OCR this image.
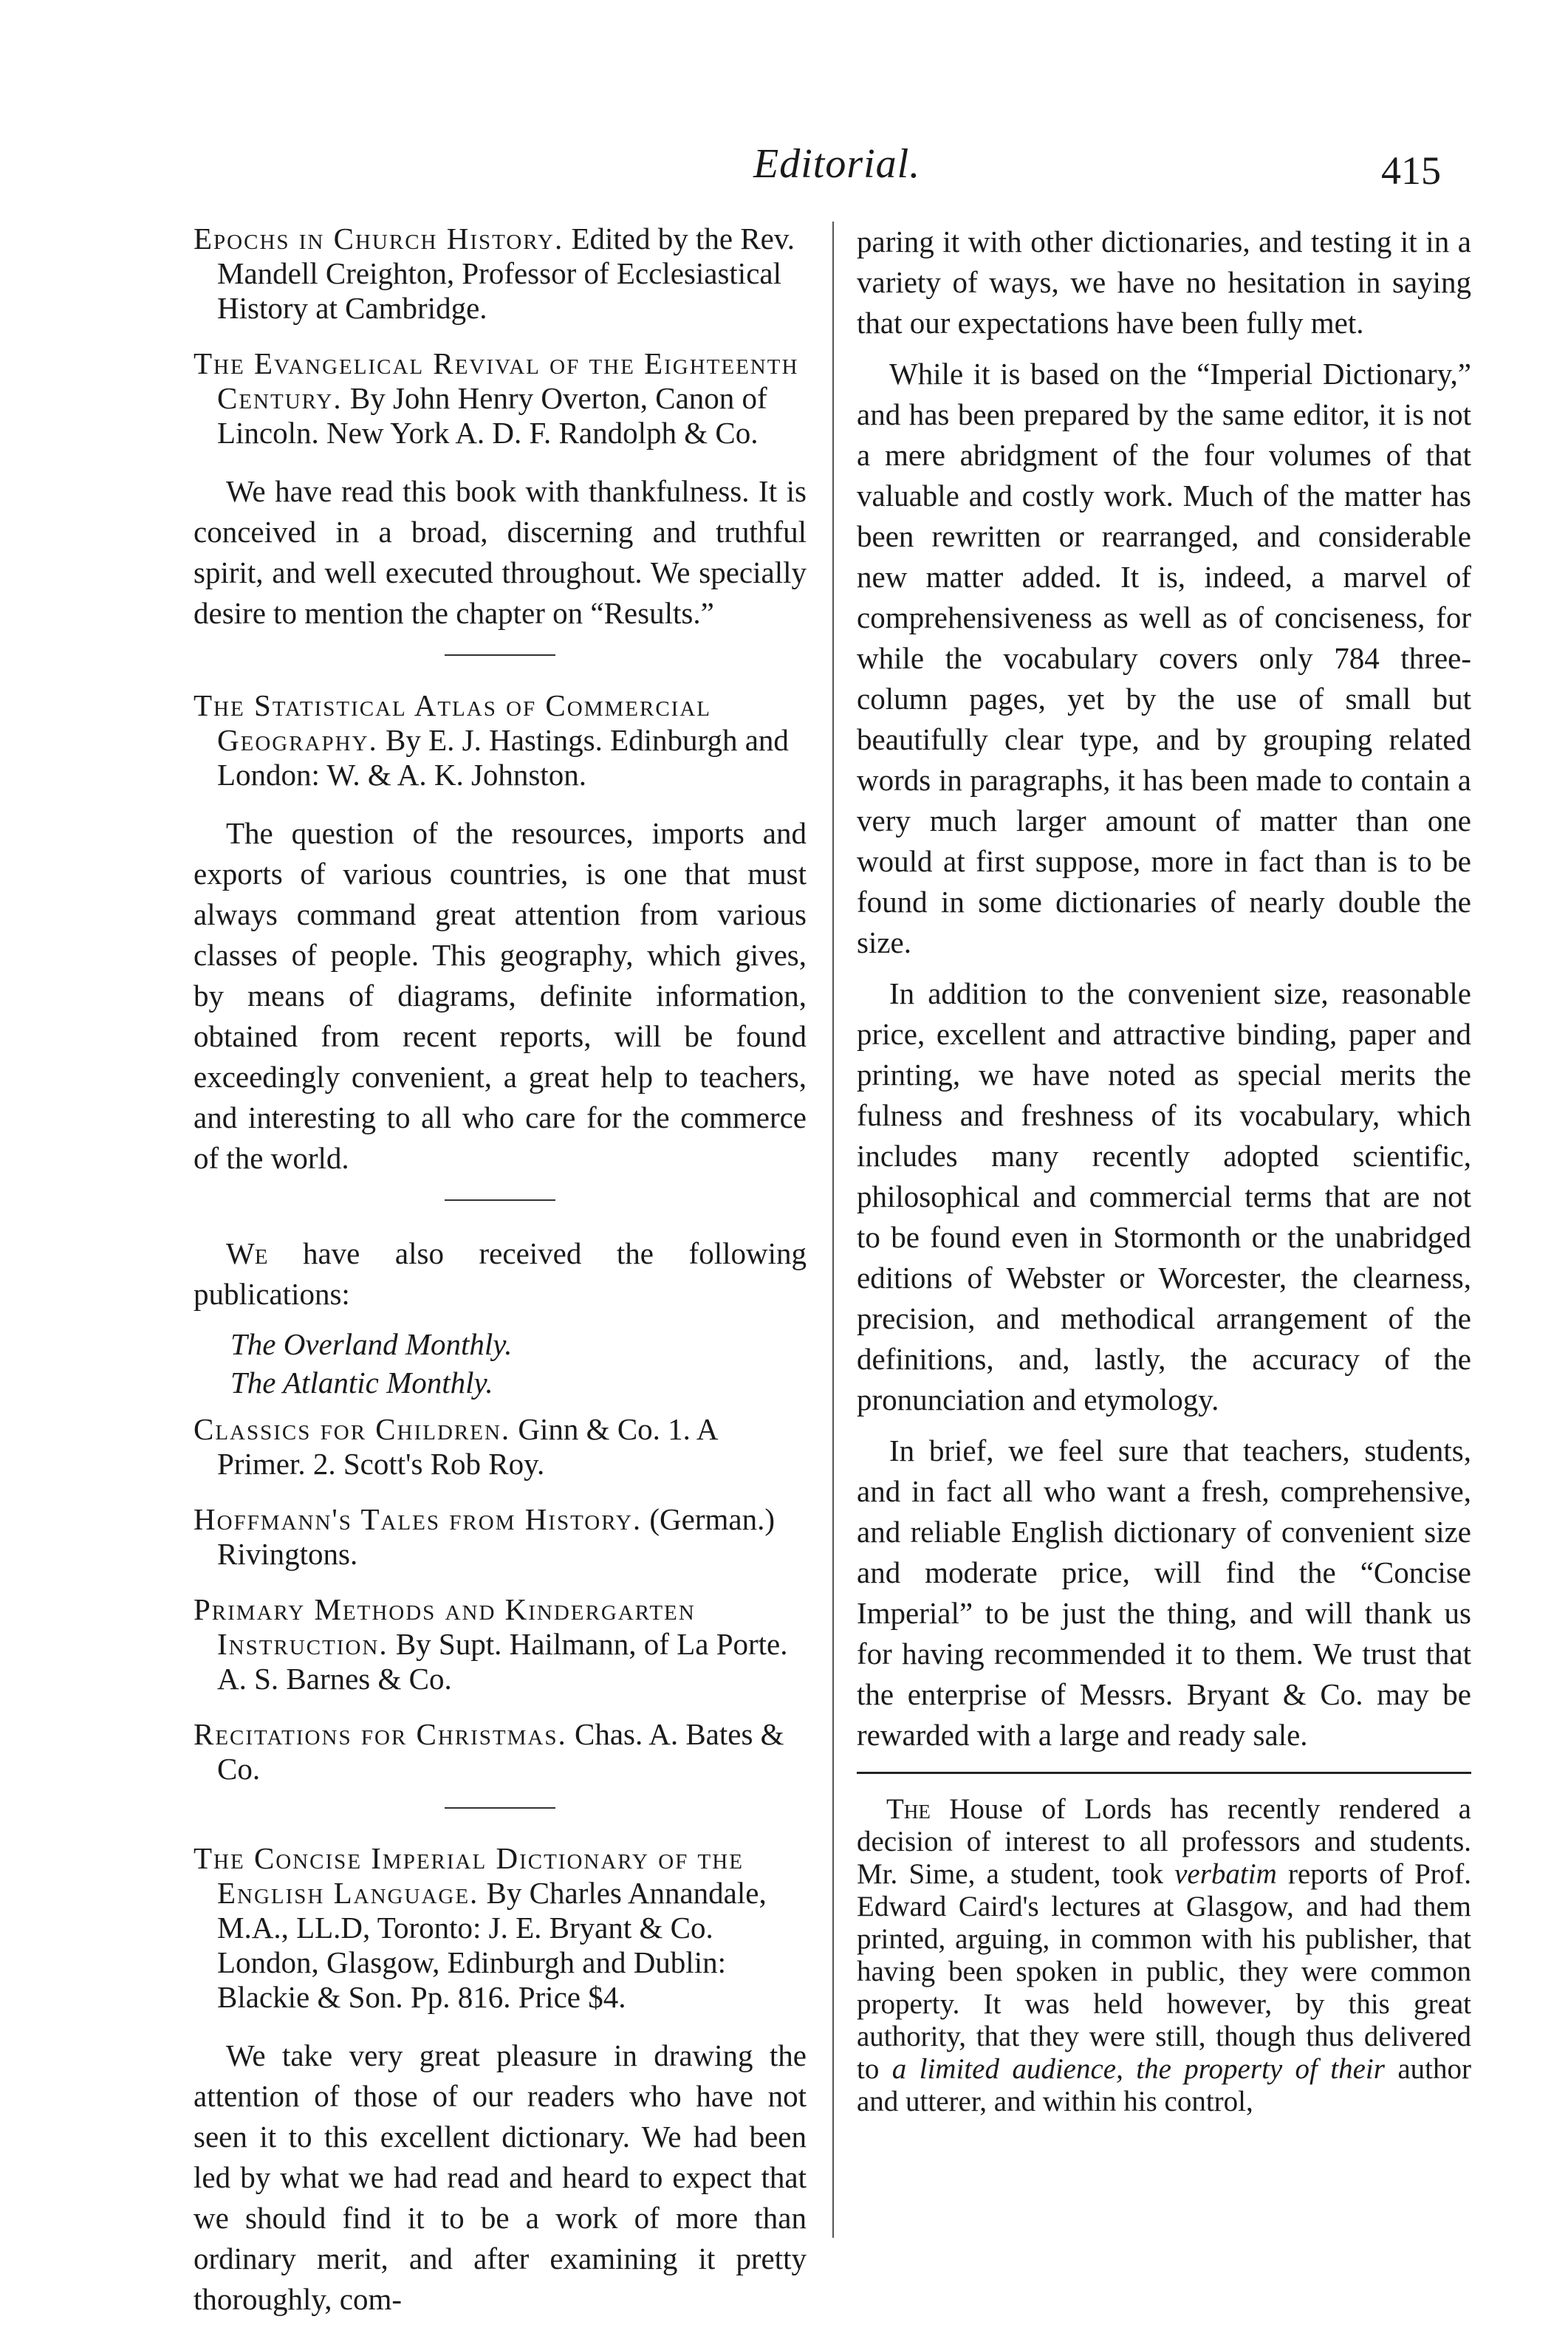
Editorial.	415

Epochs in Church History. Edited by the Rev. Mandell Creighton, Professor of Ecclesiastical History at Cambridge.

The Evangelical Revival of the Eighteenth Century. By John Henry Overton, Canon of Lincoln. New York A. D. F. Randolph & Co.

We have read this book with thankfulness. It is conceived in a broad, discerning and truthful spirit, and well executed throughout. We specially desire to mention the chapter on “Results.”

The Statistical Atlas of Commercial Geography. By E. J. Hastings. Edinburgh and London: W. & A. K. Johnston.

The question of the resources, imports and exports of various countries, is one that must always command great attention from various classes of people. This geography, which gives, by means of diagrams, definite information, obtained from recent reports, will be found exceedingly convenient, a great help to teachers, and interesting to all who care for the commerce of the world.

We have also received the following publications:

The Overland Monthly.

The Atlantic Monthly.

Classics for Children. Ginn & Co. 1. A Primer. 2. Scott's Rob Roy.

Hoffmann's Tales from History. (German.) Rivingtons.

Primary Methods and Kindergarten Instruction. By Supt. Hailmann, of La Porte. A. S. Barnes & Co.

Recitations for Christmas. Chas. A. Bates & Co.

The Concise Imperial Dictionary of the English Language. By Charles Annandale, M.A., LL.D, Toronto: J. E. Bryant & Co. London, Glasgow, Edinburgh and Dublin: Blackie & Son. Pp. 816. Price $4.

We take very great pleasure in drawing the attention of those of our readers who have not seen it to this excellent dictionary. We had been led by what we had read and heard to expect that we should find it to be a work of more than ordinary merit, and after examining it pretty thoroughly, com-

paring it with other dictionaries, and testing it in a variety of ways, we have no hesitation in saying that our expectations have been fully met.

While it is based on the “Imperial Dictionary,” and has been prepared by the same editor, it is not a mere abridgment of the four volumes of that valuable and costly work. Much of the matter has been rewritten or rearranged, and considerable new matter added. It is, indeed, a marvel of comprehensiveness as well as of conciseness, for while the vocabulary covers only 784 three-column pages, yet by the use of small but beautifully clear type, and by grouping related words in paragraphs, it has been made to contain a very much larger amount of matter than one would at first suppose, more in fact than is to be found in some dictionaries of nearly double the size.

In addition to the convenient size, reasonable price, excellent and attractive binding, paper and printing, we have noted as special merits the fulness and freshness of its vocabulary, which includes many recently adopted scientific, philosophical and commercial terms that are not to be found even in Stormonth or the unabridged editions of Webster or Worcester, the clearness, precision, and methodical arrangement of the definitions, and, lastly, the accuracy of the pronunciation and etymology.

In brief, we feel sure that teachers, students, and in fact all who want a fresh, comprehensive, and reliable English dictionary of convenient size and moderate price, will find the “Concise Imperial” to be just the thing, and will thank us for having recommended it to them. We trust that the enterprise of Messrs. Bryant & Co. may be rewarded with a large and ready sale.

The House of Lords has recently rendered a decision of interest to all professors and students. Mr. Sime, a student, took verbatim reports of Prof. Edward Caird's lectures at Glasgow, and had them printed, arguing, in common with his publisher, that having been spoken in public, they were common property. It was held however, by this great authority, that they were still, though thus delivered to a limited audience, the property of their author and utterer, and within his control,
